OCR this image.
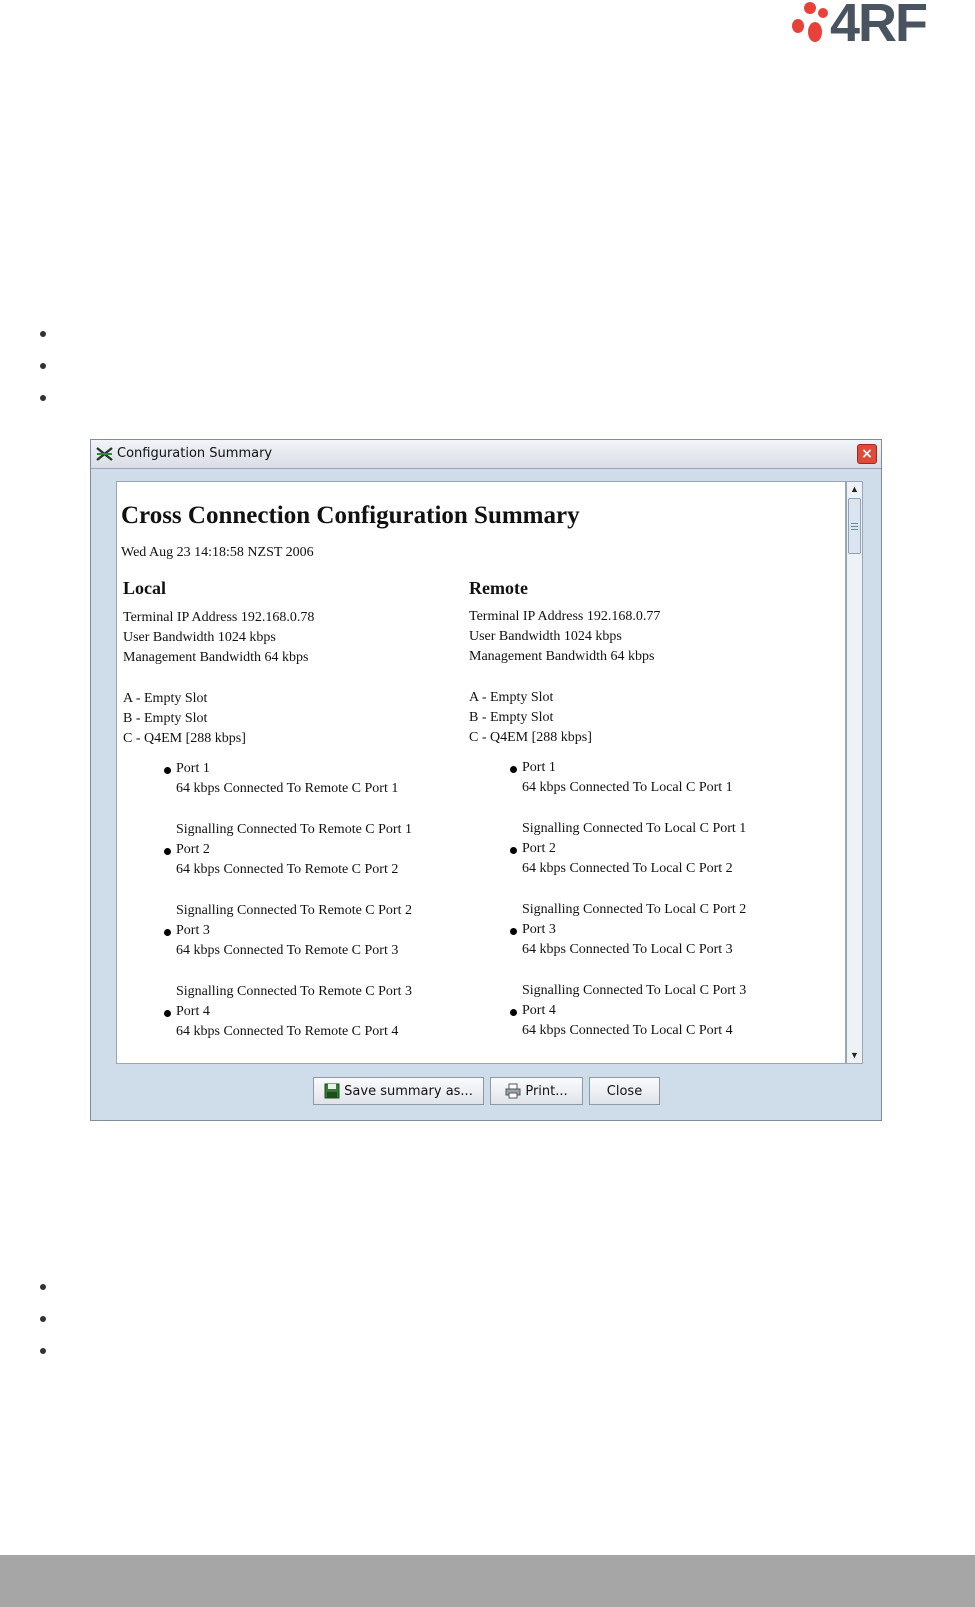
4RF
Configuration Summary	×
Cross Connection Configuration Summary
Wed Aug 23 14:18:58 NZST 2006
Local
Terminal IP Address 192.168.0.78
User Bandwidth 1024 kbps
Management Bandwidth 64 kbps
A - Empty Slot
B - Empty Slot
C - Q4EM [288 kbps]
Port 1
64 kbps Connected To Remote C Port 1
Signalling Connected To Remote C Port 1
Port 2
64 kbps Connected To Remote C Port 2
Signalling Connected To Remote C Port 2
Port 3
64 kbps Connected To Remote C Port 3
Signalling Connected To Remote C Port 3
Port 4
64 kbps Connected To Remote C Port 4
Remote
Terminal IP Address 192.168.0.77
User Bandwidth 1024 kbps
Management Bandwidth 64 kbps
A - Empty Slot
B - Empty Slot
C - Q4EM [288 kbps]
Port 1
64 kbps Connected To Local C Port 1
Signalling Connected To Local C Port 1
Port 2
64 kbps Connected To Local C Port 2
Signalling Connected To Local C Port 2
Port 3
64 kbps Connected To Local C Port 3
Signalling Connected To Local C Port 3
Port 4
64 kbps Connected To Local C Port 4
▲
▼
Save summary as...	Print...	Close
